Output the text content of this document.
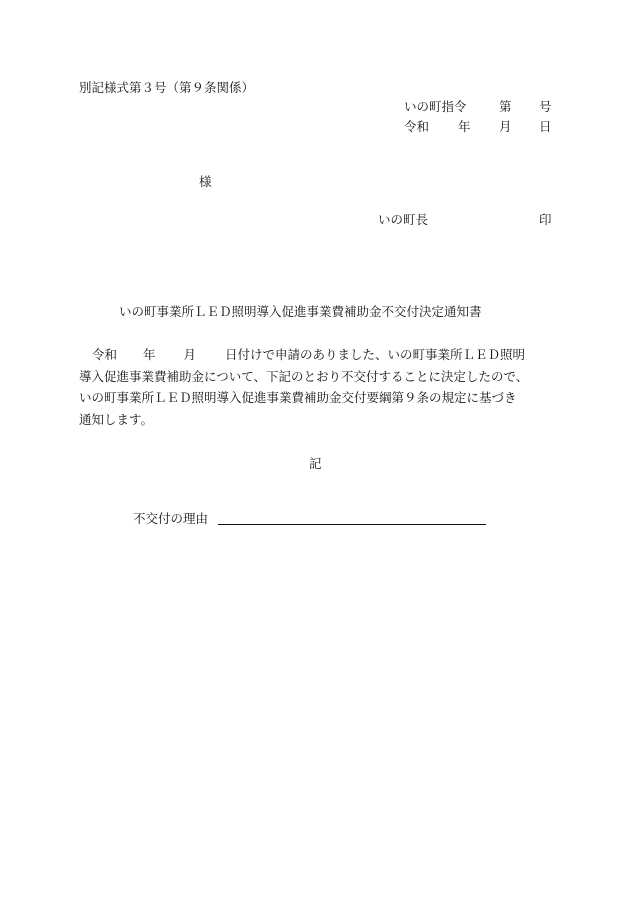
別記様式第３号（第９条関係）
いの町指令	第 号
令和 年 月 日
様
いの町長	印
いの町事業所ＬＥＤ照明導入促進事業費補助金不交付決定通知書
令和 年 月 日付けで申請のありました、いの町事業所ＬＥＤ照明
導入促進事業費補助金について、下記のとおり不交付することに決定したので、
いの町事業所ＬＥＤ照明導入促進事業費補助金交付要綱第９条の規定に基づき
通知します。
記
不交付の理由
